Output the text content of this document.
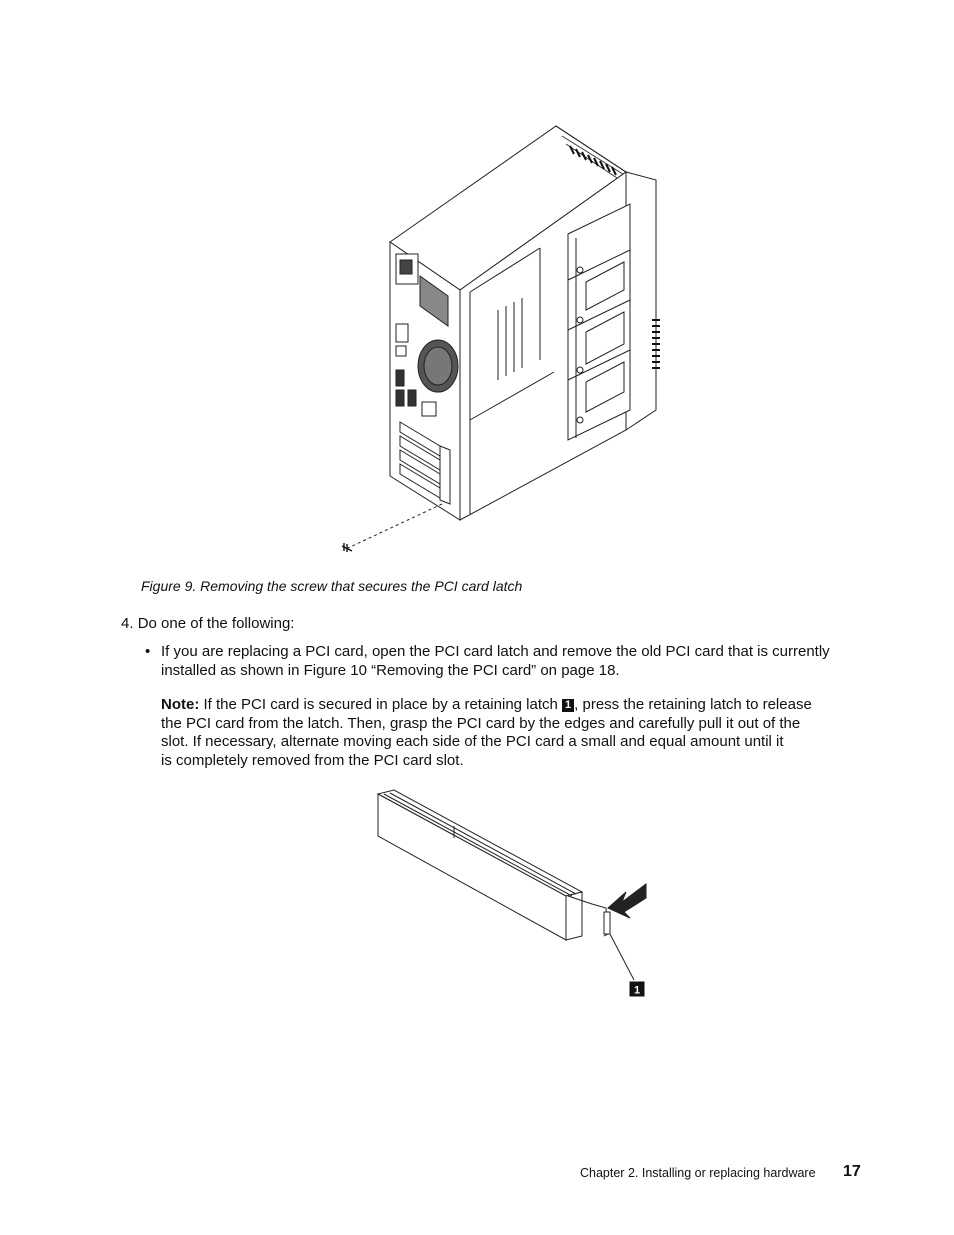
Figure 9. Removing the screw that secures the PCI card latch
4. Do one of the following:
• If you are replacing a PCI card, open the PCI card latch and remove the old PCI card that is currently
installed as shown in Figure 10 “Removing the PCI card” on page 18.
Note: If the PCI card is secured in place by a retaining latch 1 , press the retaining latch to release
the PCI card from the latch. Then, grasp the PCI card by the edges and carefully pull it out of the
slot. If necessary, alternate moving each side of the PCI card a small and equal amount until it
is completely removed from the PCI card slot.
1
Chapter 2. Installing or replacing hardware 17
